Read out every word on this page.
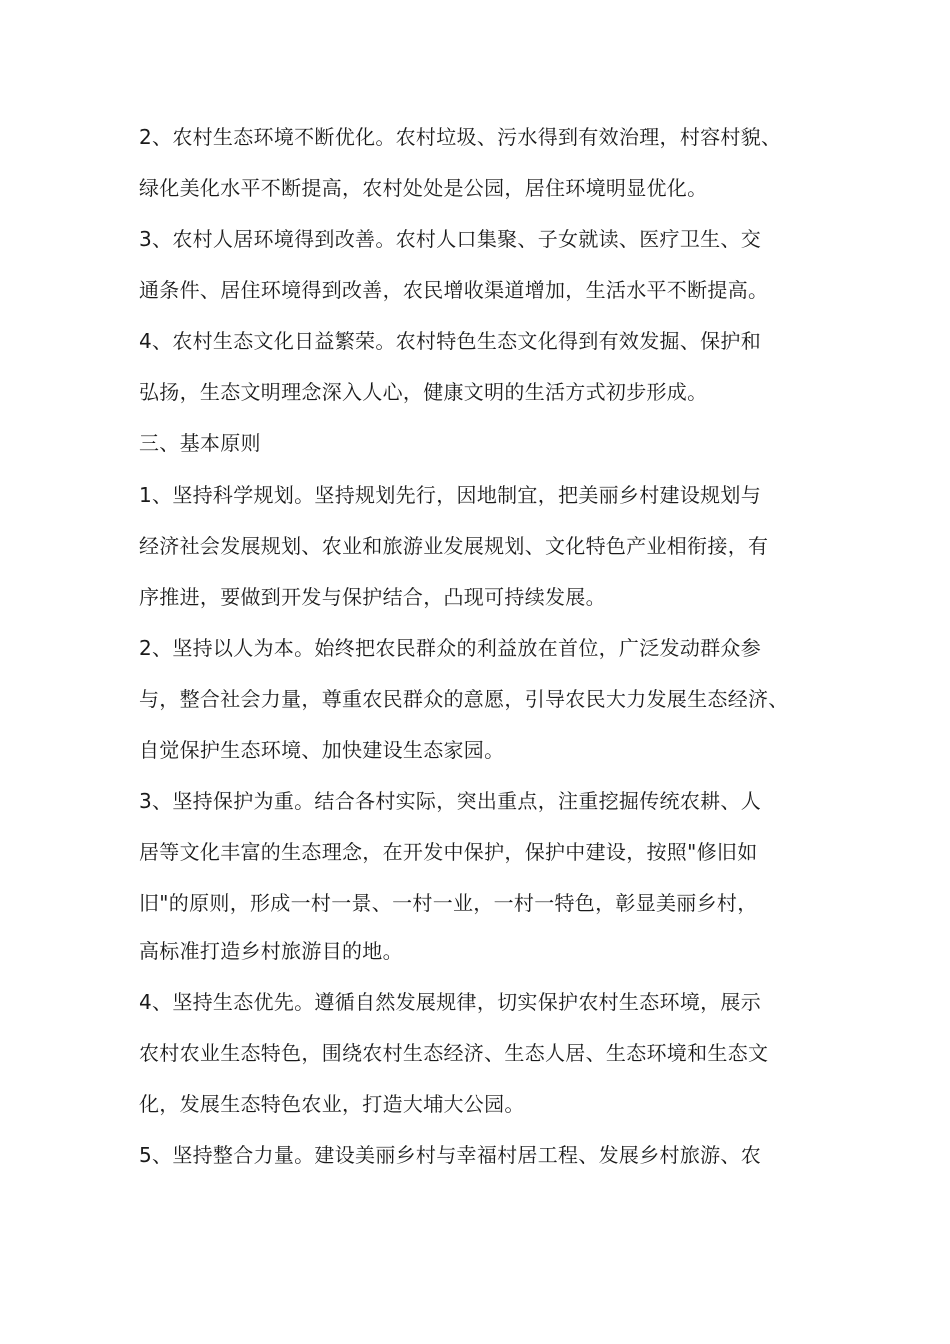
2、农村生态环境不断优化。农村垃圾、污水得到有效治理，村容村貌、
绿化美化水平不断提高，农村处处是公园，居住环境明显优化。
3、农村人居环境得到改善。农村人口集聚、子女就读、医疗卫生、交
通条件、居住环境得到改善，农民增收渠道增加，生活水平不断提高。
4、农村生态文化日益繁荣。农村特色生态文化得到有效发掘、保护和
弘扬，生态文明理念深入人心，健康文明的生活方式初步形成。
三、基本原则
1、坚持科学规划。坚持规划先行，因地制宜，把美丽乡村建设规划与
经济社会发展规划、农业和旅游业发展规划、文化特色产业相衔接，有
序推进，要做到开发与保护结合，凸现可持续发展。
2、坚持以人为本。始终把农民群众的利益放在首位，广泛发动群众参
与，整合社会力量，尊重农民群众的意愿，引导农民大力发展生态经济、
自觉保护生态环境、加快建设生态家园。
3、坚持保护为重。结合各村实际，突出重点，注重挖掘传统农耕、人
居等文化丰富的生态理念，在开发中保护，保护中建设，按照"修旧如
旧"的原则，形成一村一景、一村一业，一村一特色，彰显美丽乡村，
高标准打造乡村旅游目的地。
4、坚持生态优先。遵循自然发展规律，切实保护农村生态环境，展示
农村农业生态特色，围绕农村生态经济、生态人居、生态环境和生态文
化，发展生态特色农业，打造大埔大公园。
5、坚持整合力量。建设美丽乡村与幸福村居工程、发展乡村旅游、农
